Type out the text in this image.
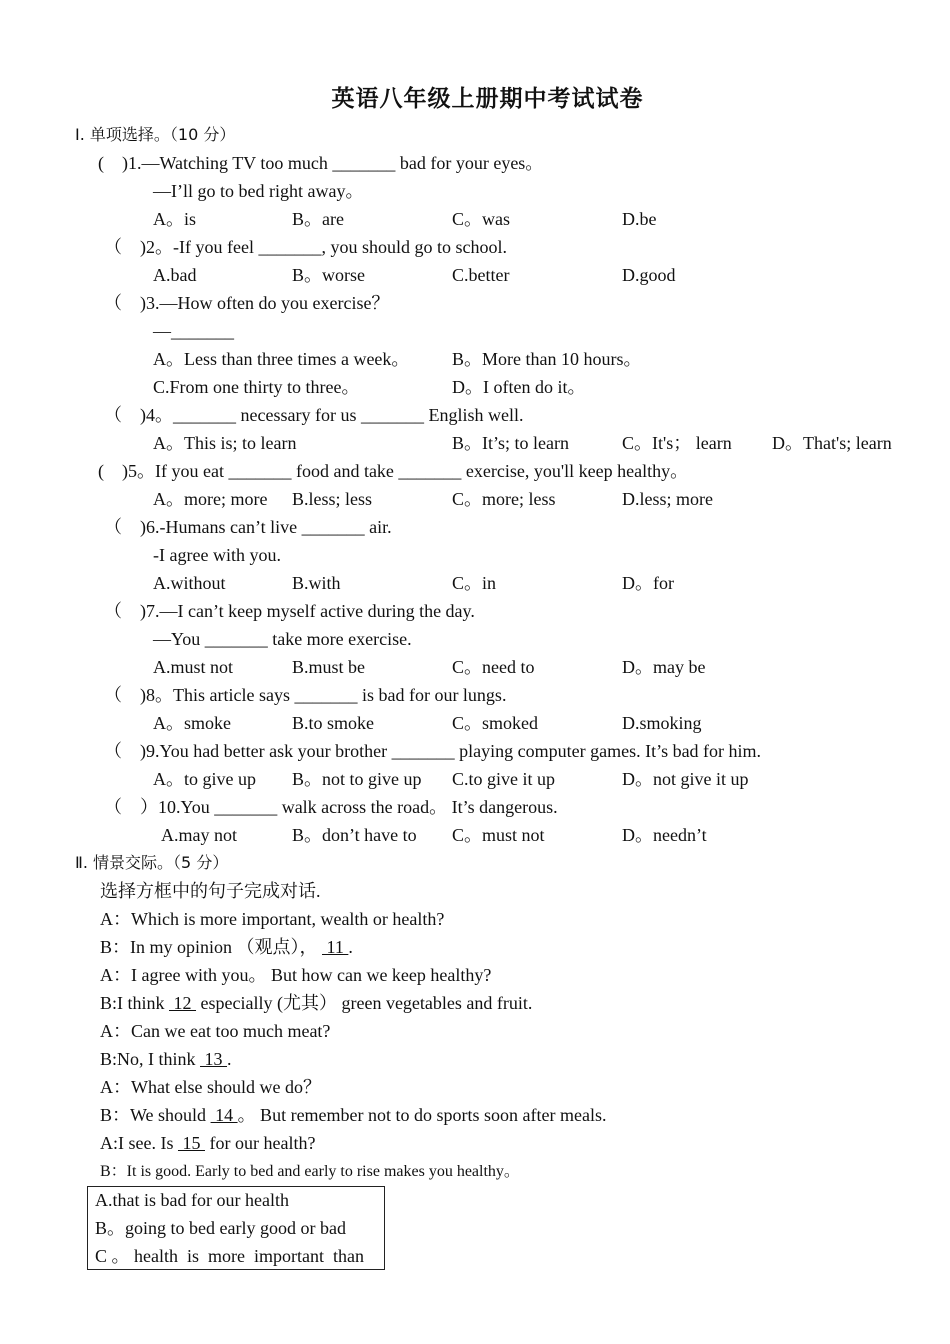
英语八年级上册期中考试试卷
Ⅰ. 单项选择。（10 分）
(    )1.—Watching TV too much _______ bad for your eyes。
—I’ll go to bed right away。
A。is	B。are	C。was	D.be
（    )2。-If you feel _______, you should go to school.
A.bad	B。worse	C.better	D.good
（    )3.—How often do you exercise？
—_______
A。Less than three times a week。 B。More than 10 hours。
C.From one thirty to three。	D。I often do it。
（    )4。_______ necessary for us _______ English well.
A。This is; to learn	B。It’s; to learn	C。It's； learn D。That's; learn
(    )5。If you eat _______ food and take _______ exercise, you'll keep healthy。
A。more; more B.less; less	C。more; less	D.less; more
（    )6.-Humans can’t live _______ air.
-I agree with you.
A.without	B.with	C。in	D。for
（    )7.—I can’t keep myself active during the day.
—You _______ take more exercise.
A.must not	B.must be	C。need to	D。may be
（    )8。This article says _______ is bad for our lungs.
A。smoke	B.to smoke	C。smoked	D.smoking
（    )9.You had better ask your brother _______ playing computer games. It’s bad for him.
A。to give up B。not to give up C.to give it up	D。not give it up
（    ）10.You _______ walk across the road。 It’s dangerous.
A.may not	B。don’t have to C。must not	D。needn’t
Ⅱ. 情景交际。（5 分）
选择方框中的句子完成对话.
A：Which is more important, wealth or health?
B：In my opinion （观点），  11 .
A：I agree with you。 But how can we keep healthy?
B:I think  12  especially (尤其） green vegetables and fruit.
A：Can we eat too much meat?
B:No, I think  13 .
A：What else should we do？
B：We should  14 。 But remember not to do sports soon after meals.
A:I see. Is  15  for our health?
B：It is good. Early to bed and early to rise makes you healthy。
A.that is bad for our health
B。going to bed early good or bad
C 。 health  is  more  important  than
